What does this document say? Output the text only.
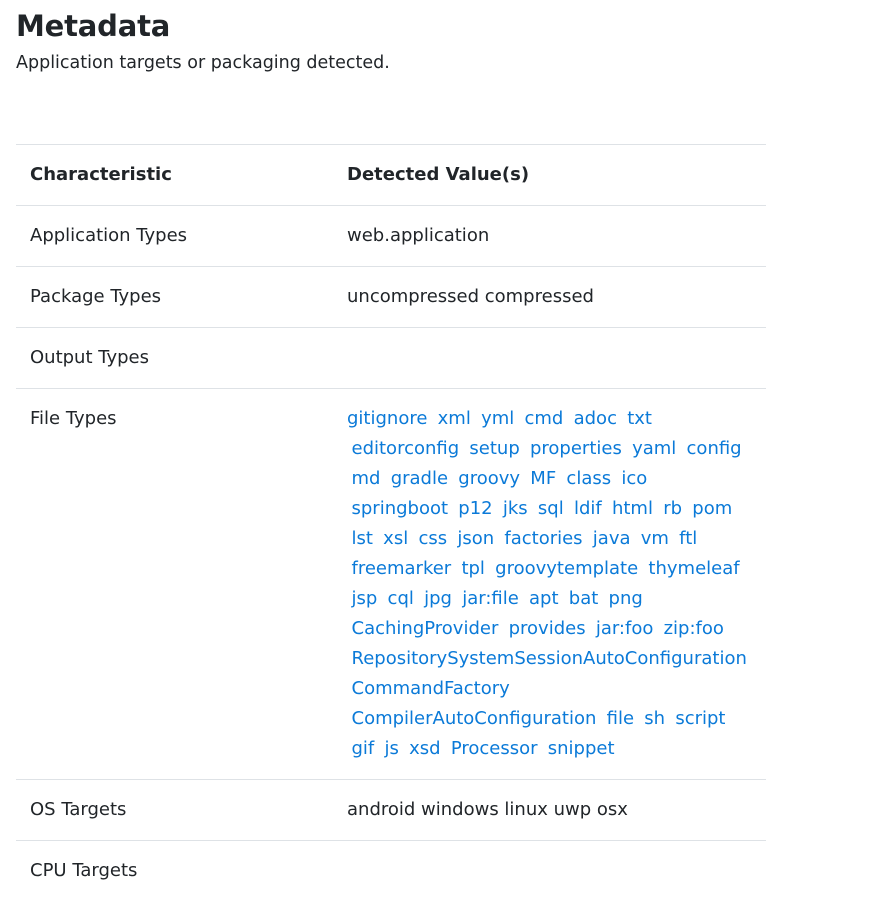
Metadata

Application targets or packaging detected.

Characteristic	Detected Value(s)
Application Types	web.application
Package Types	uncompressed compressed
Output Types	
File Types	gitignore xml yml cmd adoc txt editorconfig setup properties yaml config md gradle groovy MF class ico springboot p12 jks sql ldif html rb pom lst xsl css json factories java vm ftl freemarker tpl groovytemplate thymeleaf jsp cql jpg jar:file apt bat png CachingProvider provides jar:foo zip:foo RepositorySystemSessionAutoConfiguration CommandFactory CompilerAutoConfiguration file sh script gif js xsd Processor snippet
OS Targets	android windows linux uwp osx
CPU Targets	
